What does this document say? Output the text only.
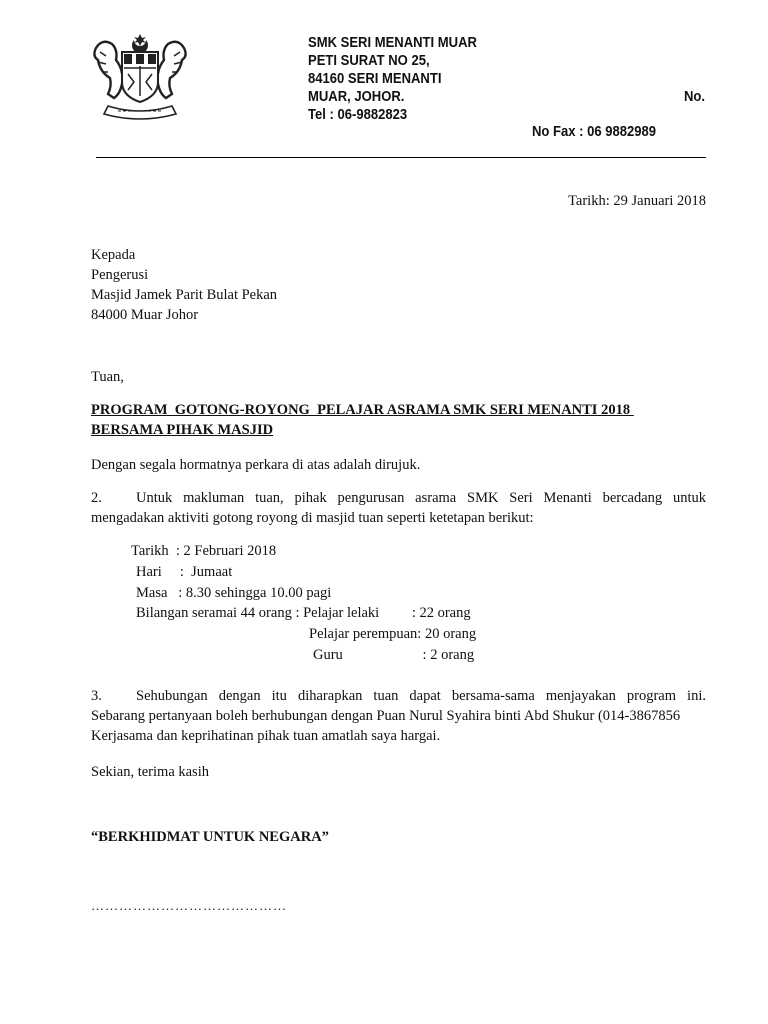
SMK SERI MENANTI MUAR
PETI SURAT NO 25,
84160 SERI MENANTI
MUAR, JOHOR.
Tel : 06-9882823
No.
No Fax : 06 9882989
Tarikh: 29 Januari 2018
Kepada
Pengerusi
Masjid Jamek Parit Bulat Pekan
84000 Muar Johor
Tuan,
PROGRAM  GOTONG-ROYONG  PELAJAR ASRAMA SMK SERI MENANTI 2018
BERSAMA PIHAK MASJID
Dengan segala hormatnya perkara di atas adalah dirujuk.
2. Untuk makluman tuan, pihak pengurusan asrama SMK Seri Menanti bercadang untuk
mengadakan aktiviti gotong royong di masjid tuan seperti ketetapan berikut:
Tarikh  : 2 Februari 2018
Hari     :  Jumaat
Masa   : 8.30 sehingga 10.00 pagi
Bilangan seramai 44 orang : Pelajar lelaki         : 22 orang
Pelajar perempuan: 20 orang
Guru                      : 2 orang
3. Sehubungan dengan itu diharapkan tuan dapat bersama-sama menjayakan program ini.
Sebarang pertanyaan boleh berhubungan dengan Puan Nurul Syahira binti Abd Shukur (014-3867856
Kerjasama dan keprihatinan pihak tuan amatlah saya hargai.
Sekian, terima kasih
“BERKHIDMAT UNTUK NEGARA”
……………………………………
